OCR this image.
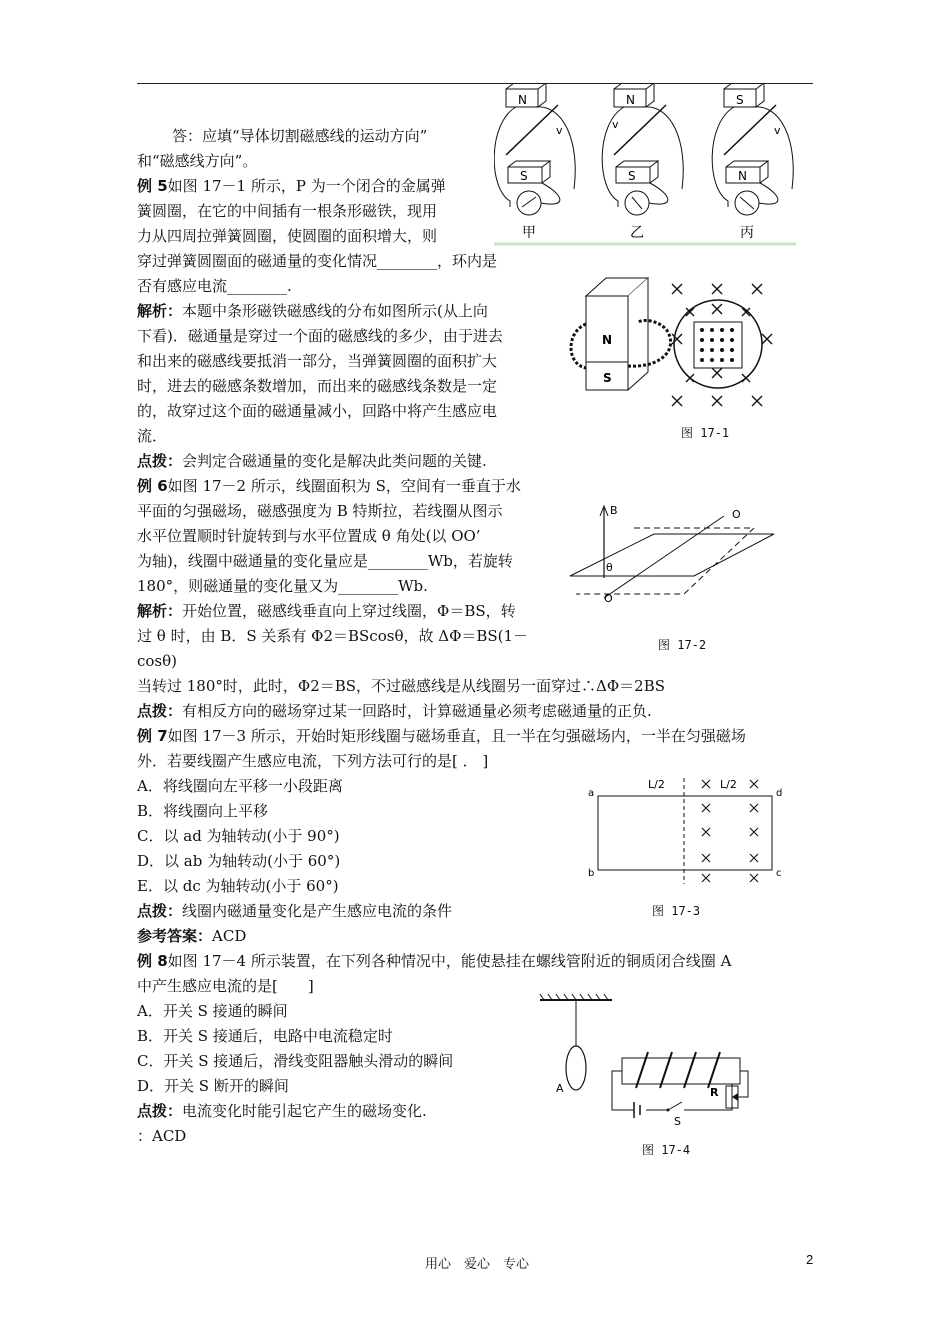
N
S
v
甲
N
S
v
乙
S
N
v
丙
答：应填“导体切割磁感线的运动方向”
和“磁感线方向”。
例 5如图 17－1 所示，P 为一个闭合的金属弹
簧圆圈，在它的中间插有一根条形磁铁，现用
力从四周拉弹簧圆圈，使圆圈的面积增大，则
穿过弹簧圆圈面的磁通量的变化情况________，环内是
否有感应电流________.
解析：本题中条形磁铁磁感线的分布如图所示(从上向
下看)．磁通量是穿过一个面的磁感线的多少，由于进去
和出来的磁感线要抵消一部分，当弹簧圆圈的面积扩大
时，进去的磁感条数增加，而出来的磁感线条数是一定
的，故穿过这个面的磁通量减小，回路中将产生感应电
流．
点拨：会判定合磁通量的变化是解决此类问题的关键.
N
S
图 17-1
例 6如图 17－2 所示，线圈面积为 S，空间有一垂直于水
平面的匀强磁场，磁感强度为 B 特斯拉，若线圈从图示
水平位置顺时针旋转到与水平位置成 θ 角处(以 OO’
为轴)，线圈中磁通量的变化量应是________Wb，若旋转
180°，则磁通量的变化量又为________Wb.
解析：开始位置，磁感线垂直向上穿过线圈，Φ＝BS，转
过 θ 时，由 B．S 关系有 Φ2＝BScosθ，故 ΔΦ＝BS(1－
cosθ)
当转过 180°时，此时，Φ2＝BS，不过磁感线是从线圈另一面穿过∴ΔΦ＝2BS
点拨：有相反方向的磁场穿过某一回路时，计算磁通量必须考虑磁通量的正负.
B	O
O
θ
图 17-2
例 7如图 17－3 所示，开始时矩形线圈与磁场垂直，且一半在匀强磁场内，一半在匀强磁场
外．若要线圈产生感应电流，下列方法可行的是[ ． ]
A．将线圈向左平移一小段距离
B．将线圈向上平移
C．以 ad 为轴转动(小于 90°)
D．以 ab 为轴转动(小于 60°)
E．以 dc 为轴转动(小于 60°)
点拨：线圈内磁通量变化是产生感应电流的条件
参考答案：ACD
L/2	L/2
a
b	c
d
图 17-3
例 8如图 17－4 所示装置，在下列各种情况中，能使悬挂在螺线管附近的铜质闭合线圈 A
中产生感应电流的是[　　]
A．开关 S 接通的瞬间
B．开关 S 接通后，电路中电流稳定时
C．开关 S 接通后，滑线变阻器触头滑动的瞬间
D．开关 S 断开的瞬间
点拨：电流变化时能引起它产生的磁场变化.
：ACD
A
S
R
图 17-4
用心　爱心　专心	2
